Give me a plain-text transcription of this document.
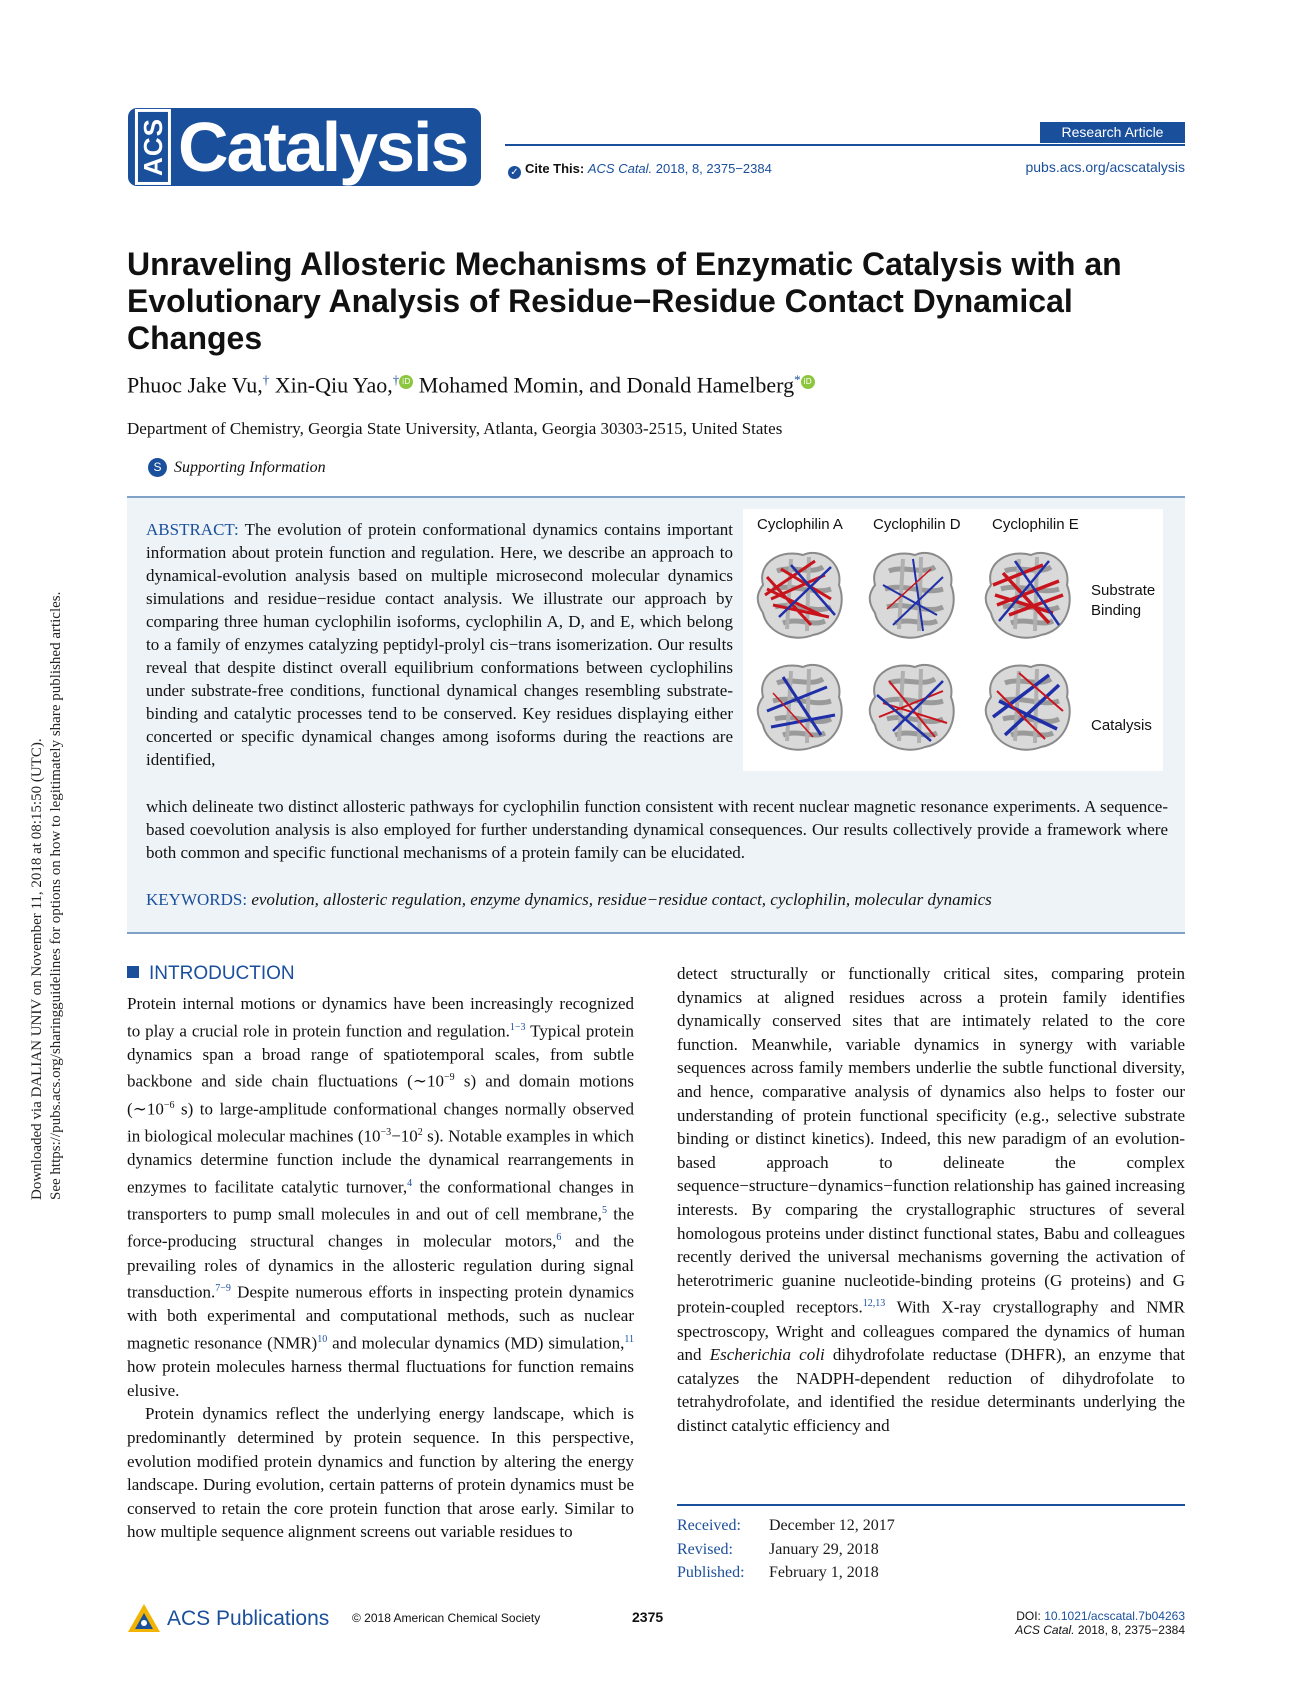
Downloaded via DALIAN UNIV on November 11, 2018 at 08:15:50 (UTC). See https://pubs.acs.org/sharingguidelines for options on how to legitimately share published articles.
ACS Catalysis	Research Article
✓ Cite This: ACS Catal. 2018, 8, 2375−2384	pubs.acs.org/acscatalysis
Unraveling Allosteric Mechanisms of Enzymatic Catalysis with an Evolutionary Analysis of Residue−Residue Contact Dynamical Changes
Phuoc Jake Vu,† Xin-Qiu Yao,† iD Mohamed Momin, and Donald Hamelberg* iD
Department of Chemistry, Georgia State University, Atlanta, Georgia 30303-2515, United States
S Supporting Information
ABSTRACT: The evolution of protein conformational dynamics contains important information about protein function and regulation. Here, we describe an approach to dynamical-evolution analysis based on multiple microsecond molecular dynamics simulations and residue−residue contact analysis. We illustrate our approach by comparing three human cyclophilin isoforms, cyclophilin A, D, and E, which belong to a family of enzymes catalyzing peptidyl-prolyl cis−trans isomerization. Our results reveal that despite distinct overall equilibrium conformations between cyclophilins under substrate-free conditions, functional dynamical changes resembling substrate-binding and catalytic processes tend to be conserved. Key residues displaying either concerted or specific dynamical changes among isoforms during the reactions are identified,
which delineate two distinct allosteric pathways for cyclophilin function consistent with recent nuclear magnetic resonance experiments. A sequence-based coevolution analysis is also employed for further understanding dynamical consequences. Our results collectively provide a framework where both common and specific functional mechanisms of a protein family can be elucidated.
Cyclophilin A Cyclophilin D Cyclophilin E
Substrate
Binding
Catalysis
KEYWORDS: evolution, allosteric regulation, enzyme dynamics, residue−residue contact, cyclophilin, molecular dynamics
INTRODUCTION

Protein internal motions or dynamics have been increasingly recognized to play a crucial role in protein function and regulation.$^{1-3}$ Typical protein dynamics span a broad range of spatiotemporal scales, from subtle backbone and side chain fluctuations ($\sim 10^{-9}$ s) and domain motions ($\sim 10^{-6}$ s) to large-amplitude conformational changes normally observed in biological molecular machines ($10^{-3}-10^2$ s). Notable examples in which dynamics determine function include the dynamical rearrangements in enzymes to facilitate catalytic turnover,$^4$ the conformational changes in transporters to pump small molecules in and out of cell membrane,$^5$ the force-producing structural changes in molecular motors,$^6$ and the prevailing roles of dynamics in the allosteric regulation during signal transduction.$^{7-9}$ Despite numerous efforts in inspecting protein dynamics with both experimental and computational methods, such as nuclear magnetic resonance (NMR)$^{10}$ and molecular dynamics (MD) simulation,$^{11}$ how protein molecules harness thermal fluctuations for function remains elusive.

Protein dynamics reflect the underlying energy landscape, which is predominantly determined by protein sequence. In this perspective, evolution modified protein dynamics and function by altering the energy landscape. During evolution, certain patterns of protein dynamics must be conserved to retain the core protein function that arose early. Similar to how multiple sequence alignment screens out variable residues to

detect structurally or functionally critical sites, comparing protein dynamics at aligned residues across a protein family identifies dynamically conserved sites that are intimately related to the core function. Meanwhile, variable dynamics in synergy with variable sequences across family members underlie the subtle functional diversity, and hence, comparative analysis of dynamics also helps to foster our understanding of protein functional specificity (e.g., selective substrate binding or distinct kinetics). Indeed, this new paradigm of an evolution-based approach to delineate the complex sequence−structure−dynamics−function relationship has gained increasing interests. By comparing the crystallographic structures of several homologous proteins under distinct functional states, Babu and colleagues recently derived the universal mechanisms governing the activation of heterotrimeric guanine nucleotide-binding proteins (G proteins) and G protein-coupled receptors.$^{12,13}$ With X-ray crystallography and NMR spectroscopy, Wright and colleagues compared the dynamics of human and Escherichia coli dihydrofolate reductase (DHFR), an enzyme that catalyzes the NADPH-dependent reduction of dihydrofolate to tetrahydrofolate, and identified the residue determinants underlying the distinct catalytic efficiency and

Received: December 12, 2017
Revised: January 29, 2018
Published: February 1, 2018
ACS Publications © 2018 American Chemical Society	2375	DOI: 10.1021/acscatal.7b04263
ACS Catal. 2018, 8, 2375−2384
